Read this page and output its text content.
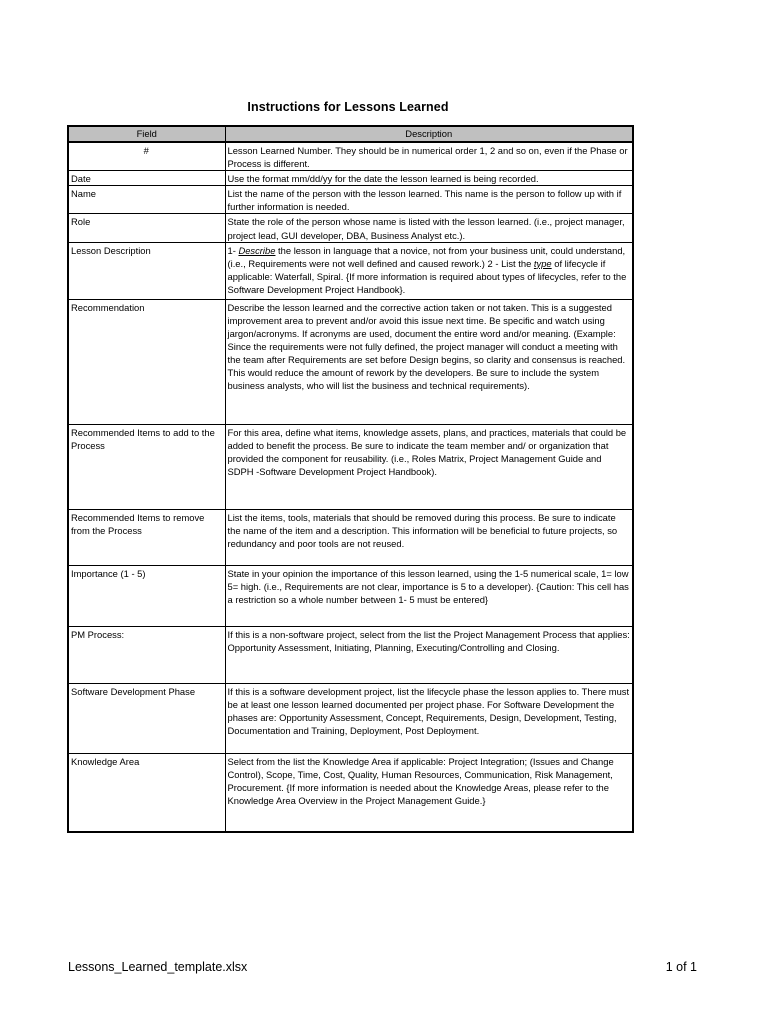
Instructions for Lessons Learned
Field	Description
#	Lesson Learned Number. They should be in numerical order 1, 2 and so on, even if the Phase or Process is different.
Date	Use the format mm/dd/yy for the date the lesson learned is being recorded.
Name	List the name of the person with the lesson learned. This name is the person to follow up with if further information is needed.
Role	State the role of the person whose name is listed with the lesson learned. (i.e., project manager, project lead, GUI developer, DBA, Business Analyst etc.).
Lesson Description	1- Describe the lesson in language that a novice, not from your business unit, could understand, (i.e., Requirements were not well defined and caused rework.) 2 - List the type of lifecycle if applicable: Waterfall, Spiral. {If more information is required about types of lifecycles, refer to the Software Development Project Handbook}.
Recommendation	Describe the lesson learned and the corrective action taken or not taken. This is a suggested improvement area to prevent and/or avoid this issue next time. Be specific and watch using jargon/acronyms. If acronyms are used, document the entire word and/or meaning. (Example: Since the requirements were not fully defined, the project manager will conduct a meeting with the team after Requirements are set before Design begins, so clarity and consensus is reached. This would reduce the amount of rework by the developers. Be sure to include the system business analysts, who will list the business and technical requirements).
Recommended Items to add to the Process	For this area, define what items, knowledge assets, plans, and practices, materials that could be added to benefit the process. Be sure to indicate the team member and/ or organization that provided the component for reusability. (i.e., Roles Matrix, Project Management Guide and SDPH -Software Development Project Handbook).
Recommended Items to remove from the Process	List the items, tools, materials that should be removed during this process. Be sure to indicate the name of the item and a description. This information will be beneficial to future projects, so redundancy and poor tools are not reused.
Importance (1 - 5)	State in your opinion the importance of this lesson learned, using the 1-5 numerical scale, 1= low 5= high. (i.e., Requirements are not clear, importance is 5 to a developer). {Caution: This cell has a restriction so a whole number between 1- 5 must be entered}
PM Process:	If this is a non-software project, select from the list the Project Management Process that applies: Opportunity Assessment, Initiating, Planning, Executing/Controlling and Closing.
Software Development Phase	If this is a software development project, list the lifecycle phase the lesson applies to. There must be at least one lesson learned documented per project phase. For Software Development the phases are: Opportunity Assessment, Concept, Requirements, Design, Development, Testing, Documentation and Training, Deployment, Post Deployment.
Knowledge Area	Select from the list the Knowledge Area if applicable: Project Integration; (Issues and Change Control), Scope, Time, Cost, Quality, Human Resources, Communication, Risk Management, Procurement. {If more information is needed about the Knowledge Areas, please refer to the Knowledge Area Overview in the Project Management Guide.}
Lessons_Learned_template.xlsx	1 of 1
